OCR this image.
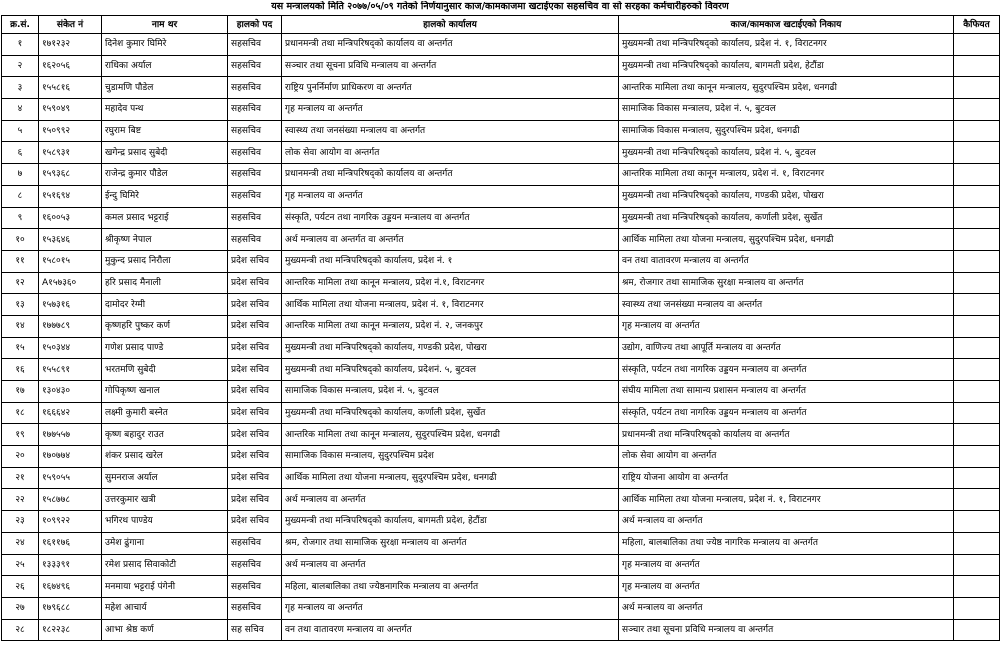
यस मन्त्रालयको मिति २०७७/०५/०९ गतेको निर्णयानुसार काज/कामकाजमा खटाईएका सहसचिव वा सो सरहका कर्मचारीहरुको विवरण
क्र.सं.	संकेत नं	नाम थर	हालको पद	हालको कार्यालय	काज/कामकाज खटाईएको निकाय	कैफियत
१	१७१२३२	दिनेश कुमार घिमिरे	सहसचिव	प्रधानमन्त्री तथा मन्त्रिपरिषद्को कार्यालय वा अन्तर्गत	मुख्यमन्त्री तथा मन्त्रिपरिषद्को कार्यालय, प्रदेश नं. १, विराटनगर	
२	१६२०५६	राधिका अर्याल	सहसचिव	सञ्चार तथा सूचना प्रविधि मन्त्रालय वा अन्तर्गत	मुख्यमन्त्री तथा मन्त्रिपरिषद्को कार्यालय, बागमती प्रदेश, हेटौंडा	
३	१५५८१६	चुडामणि पौडेल	सहसचिव	राष्ट्रिय पुनर्निर्माण प्राधिकरण वा अन्तर्गत	आन्तरिक मामिला तथा कानून मन्त्रालय, सुदुरपश्चिम प्रदेश, धनगढी	
४	१५९०४९	महादेव पन्थ	सहसचिव	गृह मन्त्रालय वा अन्तर्गत	सामाजिक विकास मन्त्रालय, प्रदेश नं. ५, बुटवल	
५	१५०९९२	रघुराम बिष्ट	सहसचिव	स्वास्थ्य तथा जनसंख्या मन्त्रालय वा अन्तर्गत	सामाजिक विकास मन्त्रालय, सुदुरपश्चिम प्रदेश, धनगढी	
६	१५८९३१	खगेन्द्र प्रसाद सुबेदी	सहसचिव	लोक सेवा आयोग वा अन्तर्गत	मुख्यमन्त्री तथा मन्त्रिपरिषद्को कार्यालय, प्रदेश नं. ५, बुटवल	
७	१५९३६८	राजेन्द्र कुमार पौडेल	सहसचिव	प्रधानमन्त्री तथा मन्त्रिपरिषद्को कार्यालय वा अन्तर्गत	आन्तरिक मामिला तथा कानून मन्त्रालय, प्रदेश नं. १, विराटनगर	
८	१५१६९४	ईन्दु घिमिरे	सहसचिव	गृह मन्त्रालय वा अन्तर्गत	मुख्यमन्त्री तथा मन्त्रिपरिषद्को कार्यालय, गण्डकी प्रदेश, पोखरा	
९	१६००५३	कमल प्रसाद भट्टराई	सहसचिव	संस्कृति, पर्यटन तथा नागरिक उड्डयन मन्त्रालय वा अन्तर्गत	मुख्यमन्त्री तथा मन्त्रिपरिषद्को कार्यालय, कर्णाली प्रदेश, सुर्खेत	
१०	१५३६४६	श्रीकृष्ण नेपाल	सहसचिव	अर्थ मन्त्रालय वा अन्तर्गत वा अन्तर्गत	आर्थिक मामिला तथा योजना मन्त्रालय, सुदुरपश्चिम प्रदेश, धनगढी	
११	१५८०१५	मुकुन्द प्रसाद निरौला	प्रदेश सचिव	मुख्यमन्त्री तथा मन्त्रिपरिषद्को कार्यालय, प्रदेश नं. १	वन तथा वातावरण मन्त्रालय वा अन्तर्गत	
१२	A१५७३६०	हरि प्रसाद मैनाली	प्रदेश सचिव	आन्तरिक मामिला तथा कानून मन्त्रालय, प्रदेश नं.१, विराटनगर	श्रम, रोजगार तथा सामाजिक सुरक्षा मन्त्रालय वा अन्तर्गत	
१३	१५७३१६	दामोदर रेग्मी	प्रदेश सचिव	आर्थिक मामिला तथा योजना मन्त्रालय, प्रदेश नं. १, विराटनगर	स्वास्थ्य तथा जनसंख्या मन्त्रालय वा अन्तर्गत	
१४	१७७७८९	कृष्णहरि पुष्कर कर्ण	प्रदेश सचिव	आन्तरिक मामिला तथा कानून मन्त्रालय, प्रदेश नं. २, जनकपुर	गृह मन्त्रालय वा अन्तर्गत	
१५	१५०३४४	गणेश प्रसाद पाण्डे	प्रदेश सचिव	मुख्यमन्त्री तथा मन्त्रिपरिषद्को कार्यालय, गण्डकी प्रदेश, पोखरा	उद्योग, वाणिज्य तथा आपूर्ति मन्त्रालय वा अन्तर्गत	
१६	१५५८९१	भरतमणि सुबेदी	प्रदेश सचिव	मुख्यमन्त्री तथा मन्त्रिपरिषद्को कार्यालय, प्रदेशनं. ५, बुटवल	संस्कृति, पर्यटन तथा नागरिक उड्डयन मन्त्रालय वा अन्तर्गत	
१७	१३०४३०	गोपिकृष्ण खनाल	प्रदेश सचिव	सामाजिक विकास मन्त्रालय, प्रदेश नं. ५, बुटवल	संघीय मामिला तथा सामान्य प्रशासन मन्त्रालय वा अन्तर्गत	
१८	१६६६४२	लक्ष्मी कुमारी बस्नेत	प्रदेश सचिव	मुख्यमन्त्री तथा मन्त्रिपरिषद्को कार्यालय, कर्णाली प्रदेश, सुर्खेत	संस्कृति, पर्यटन तथा नागरिक उड्डयन मन्त्रालय वा अन्तर्गत	
१९	१७७५५७	कृष्ण बहादुर राउत	प्रदेश सचिव	आन्तरिक मामिला तथा कानून मन्त्रालय, सुदुरपश्चिम प्रदेश, धनगढी	प्रधानमन्त्री तथा मन्त्रिपरिषद्को कार्यालय वा अन्तर्गत	
२०	१७०७७४	शंकर प्रसाद खरेल	प्रदेश सचिव	सामाजिक विकास मन्त्रालय, सुदुरपश्चिम प्रदेश	लोक सेवा आयोग वा अन्तर्गत	
२१	१५९०५५	सुमनराज अर्याल	प्रदेश सचिव	आर्थिक मामिला तथा योजना मन्त्रालय, सुदुरपश्चिम प्रदेश, धनगढी	राष्ट्रिय योजना आयोग वा अन्तर्गत	
२२	१५८७७८	उत्तरकुमार खत्री	प्रदेश सचिव	अर्थ मन्त्रालय वा अन्तर्गत	आर्थिक मामिला तथा योजना मन्त्रालय, प्रदेश नं. १, विराटनगर	
२३	१०९९२२	भगिरथ पाण्डेय	प्रदेश सचिव	मुख्यमन्त्री तथा मन्त्रिपरिषद्को कार्यालय, बागमती प्रदेश, हेटौंडा	अर्थ मन्त्रालय वा अन्तर्गत	
२४	१६११७६	उमेश ढुंगाना	सहसचिव	श्रम, रोजगार तथा सामाजिक सुरक्षा मन्त्रालय वा अन्तर्गत	महिला, बालबालिका तथा ज्येष्ठ नागरिक मन्त्रालय वा अन्तर्गत	
२५	१३३३९१	रमेश प्रसाद सिवाकोटी	सहसचिव	अर्थ मन्त्रालय वा अन्तर्गत	गृह मन्त्रालय वा अन्तर्गत	
२६	१६७४९६	मनमाया भट्टराई पंगेनी	सहसचिव	महिला, बालबालिका तथा ज्येष्ठनागरिक मन्त्रालय वा अन्तर्गत	गृह मन्त्रालय वा अन्तर्गत	
२७	१७९६८८	महेश आचार्य	सहसचिव	गृह मन्त्रालय वा अन्तर्गत	अर्थ मन्त्रालय वा अन्तर्गत	
२८	१८२२३८	आभा श्रेष्ठ कर्ण	सह सचिव	वन तथा वातावरण मन्त्रालय वा अन्तर्गत	सञ्चार तथा सूचना प्रविधि मन्त्रालय वा अन्तर्गत	
